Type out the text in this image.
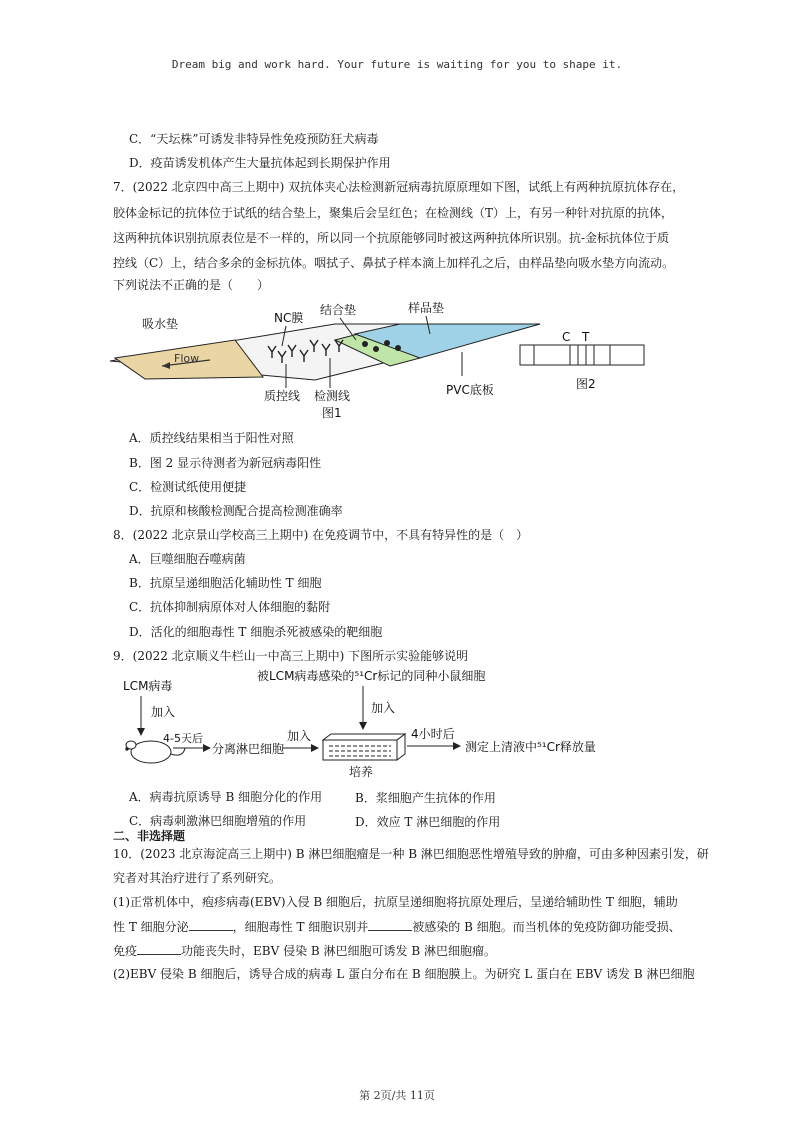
Dream big and work hard. Your future is waiting for you to shape it.
C．“天坛株”可诱发非特异性免疫预防狂犬病毒
D．疫苗诱发机体产生大量抗体起到长期保护作用
7．(2022 北京四中高三上期中) 双抗体夹心法检测新冠病毒抗原原理如下图，试纸上有两种抗原抗体存在，
胶体金标记的抗体位于试纸的结合垫上，聚集后会呈红色；在检测线（T）上，有另一种针对抗原的抗体，
这两种抗体识别抗原表位是不一样的，所以同一个抗原能够同时被这两种抗体所识别。抗-金标抗体位于质
控线（C）上，结合多余的金标抗体。咽拭子、鼻拭子样本滴上加样孔之后，由样品垫向吸水垫方向流动。
下列说法不正确的是（　　）
Flow
吸水垫	NC膜
结合垫	样品垫
质控线 检测线
图1
PVC底板
C T
图2
A．质控线结果相当于阳性对照
B．图 2 显示待测者为新冠病毒阳性
C．检测试纸使用便捷
D．抗原和核酸检测配合提高检测准确率
8．(2022 北京景山学校高三上期中) 在免疫调节中，不具有特异性的是（　）
A．巨噬细胞吞噬病菌
B．抗原呈递细胞活化辅助性 T 细胞
C．抗体抑制病原体对人体细胞的黏附
D．活化的细胞毒性 T 细胞杀死被感染的靶细胞
9．(2022 北京顺义牛栏山一中高三上期中) 下图所示实验能够说明
LCM病毒
加入
4-5天后
分离淋巴细胞
加入
被LCM病毒感染的⁵¹Cr标记的同种小鼠细胞
加入
培养
4小时后
测定上清液中⁵¹Cr释放量
A．病毒抗原诱导 B 细胞分化的作用	B．浆细胞产生抗体的作用
C．病毒刺激淋巴细胞增殖的作用	D．效应 T 淋巴细胞的作用
二、非选择题
10．(2023 北京海淀高三上期中) B 淋巴细胞瘤是一种 B 淋巴细胞恶性增殖导致的肿瘤，可由多种因素引发，研
究者对其治疗进行了系列研究。
(1)正常机体中，疱疹病毒(EBV)入侵 B 细胞后，抗原呈递细胞将抗原处理后，呈递给辅助性 T 细胞，辅助
性 T 细胞分泌	，细胞毒性 T 细胞识别并	被感染的 B 细胞。而当机体的免疫防御功能受损、
免疫	功能丧失时，EBV 侵染 B 淋巴细胞可诱发 B 淋巴细胞瘤。
(2)EBV 侵染 B 细胞后，诱导合成的病毒 L 蛋白分布在 B 细胞膜上。为研究 L 蛋白在 EBV 诱发 B 淋巴细胞
第 2页/共 11页
